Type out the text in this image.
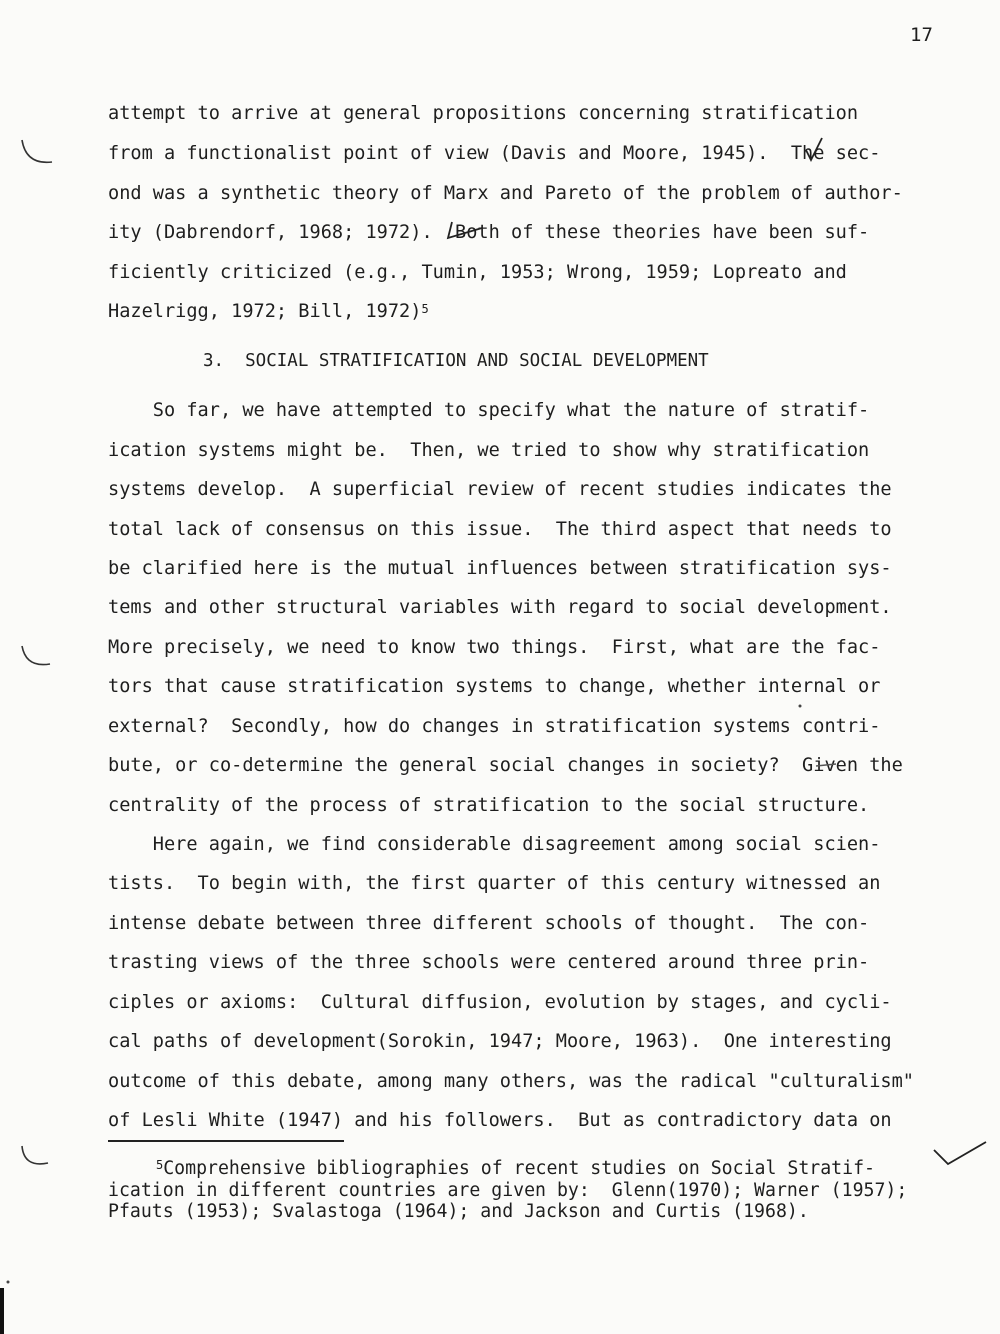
17
attempt to arrive at general propositions concerning stratification
from a functionalist point of view (Davis and Moore, 1945).  The sec-
ond was a synthetic theory of Marx and Pareto of the problem of author-
ity (Dabrendorf, 1968; 1972).  Both of these theories have been suf-
ficiently criticized (e.g., Tumin, 1953; Wrong, 1959; Lopreato and
Hazelrigg, 1972; Bill, 1972)$^5$
3.  SOCIAL STRATIFICATION AND SOCIAL DEVELOPMENT
So far, we have attempted to specify what the nature of stratif-
ication systems might be.  Then, we tried to show why stratification
systems develop.  A superficial review of recent studies indicates the
total lack of consensus on this issue.  The third aspect that needs to
be clarified here is the mutual influences between stratification sys-
tems and other structural variables with regard to social development.
More precisely, we need to know two things.  First, what are the fac-
tors that cause stratification systems to change, whether internal or
external?  Secondly, how do changes in stratification systems contri-
bute, or co-determine the general social changes in society?  Given the
centrality of the process of stratification to the social structure.
Here again, we find considerable disagreement among social scien-
tists.  To begin with, the first quarter of this century witnessed an
intense debate between three different schools of thought.  The con-
trasting views of the three schools were centered around three prin-
ciples or axioms:  Cultural diffusion, evolution by stages, and cycli-
cal paths of development(Sorokin, 1947; Moore, 1963).  One interesting
outcome of this debate, among many others, was the radical "culturalism"
of Lesli White (1947) and his followers.  But as contradictory data on
$^5$Comprehensive bibliographies of recent studies on Social Stratif-
ication in different countries are given by:  Glenn(1970); Warner (1957);
Pfauts (1953); Svalastoga (1964); and Jackson and Curtis (1968).
